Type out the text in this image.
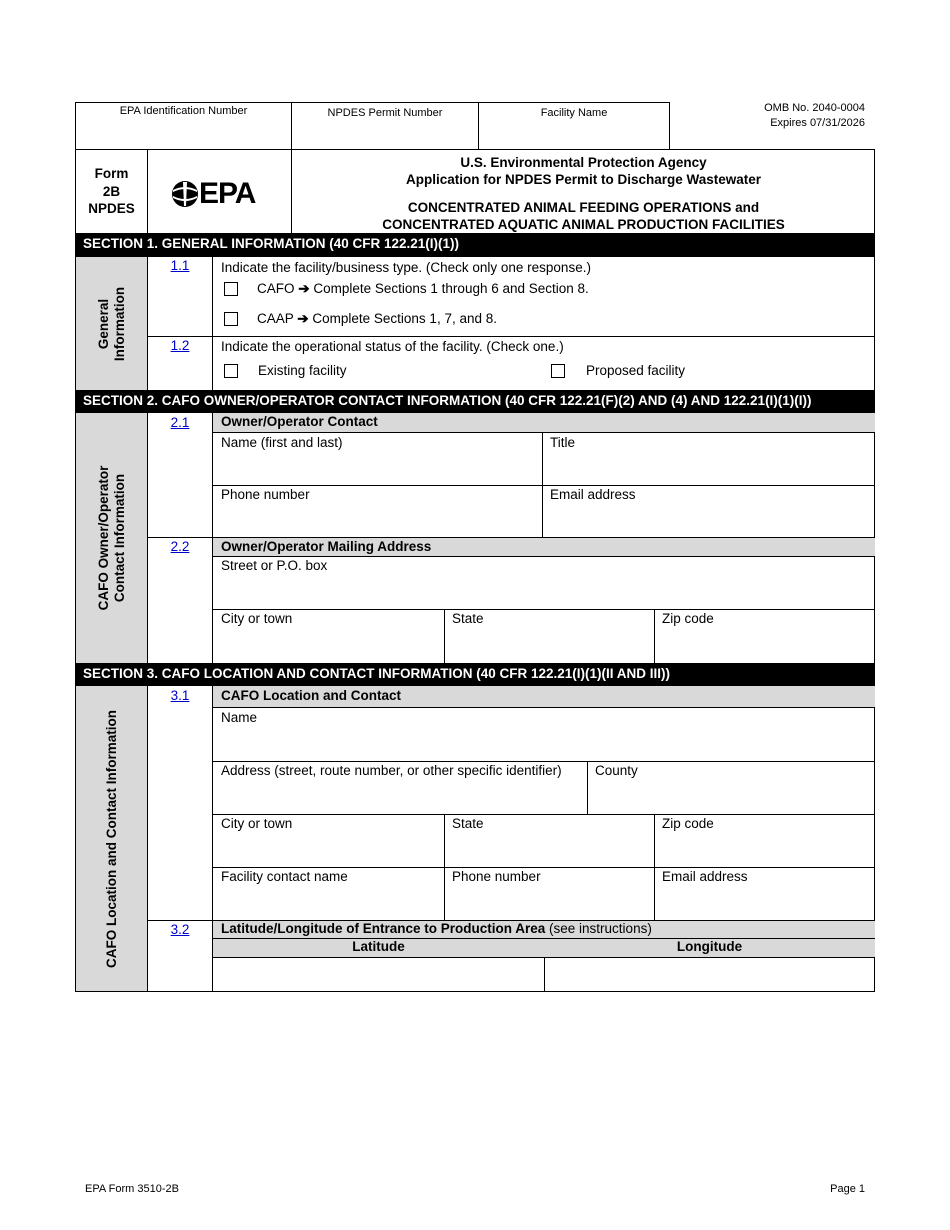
EPA Identification Number	NPDES Permit Number	Facility Name	OMB No. 2040-0004
Expires 07/31/2026
Form
2B
NPDES	EPA
U.S. Environmental Protection Agency
Application for NPDES Permit to Discharge Wastewater
CONCENTRATED ANIMAL FEEDING OPERATIONS and
CONCENTRATED AQUATIC ANIMAL PRODUCTION FACILITIES
SECTION 1. GENERAL INFORMATION (40 CFR 122.21(I)(1))
General Information
1.1	Indicate the facility/business type. (Check only one response.)
CAFO ➔ Complete Sections 1 through 6 and Section 8.
CAAP ➔ Complete Sections 1, 7, and 8.
1.2	Indicate the operational status of the facility. (Check one.)
Existing facility	Proposed facility
SECTION 2. CAFO OWNER/OPERATOR CONTACT INFORMATION (40 CFR 122.21(F)(2) AND (4) AND 122.21(I)(1)(I))
CAFO Owner/Operator Contact Information
2.1	Owner/Operator Contact
Name (first and last)	Title
Phone number	Email address
2.2	Owner/Operator Mailing Address
Street or P.O. box
City or town	State	Zip code
SECTION 3. CAFO LOCATION AND CONTACT INFORMATION (40 CFR 122.21(I)(1)(II AND III))
CAFO Location and Contact Information
3.1	CAFO Location and Contact
Name
Address (street, route number, or other specific identifier)	County
City or town	State	Zip code
Facility contact name	Phone number	Email address
3.2	Latitude/Longitude of Entrance to Production Area (see instructions)
Latitude	Longitude
EPA Form 3510-2B	Page 1
